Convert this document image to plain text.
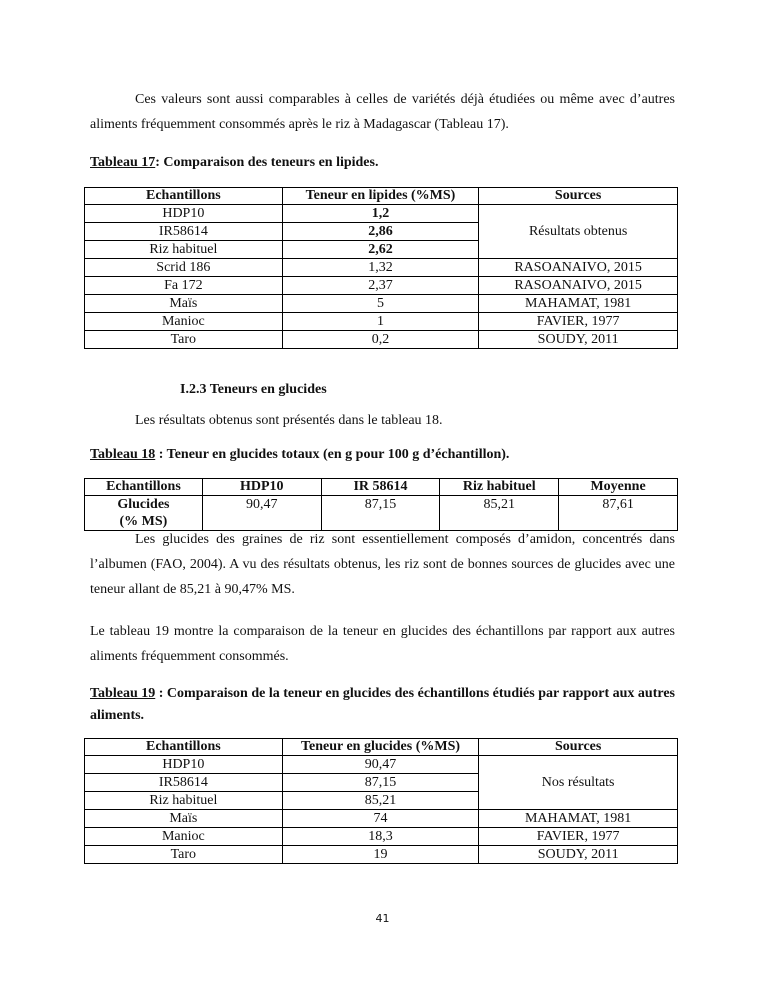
Ces valeurs sont aussi comparables à celles de variétés déjà étudiées ou même avec d’autres aliments fréquemment consommés après le riz à Madagascar (Tableau 17).
Tableau 17: Comparaison des teneurs en lipides.
Echantillons	Teneur en lipides (%MS)	Sources
HDP10	1,2	Résultats obtenus
IR58614	2,86	
Riz habituel	2,62	
Scrid 186	1,32	RASOANAIVO, 2015
Fa 172	2,37	RASOANAIVO, 2015
Maïs	5	MAHAMAT, 1981
Manioc	1	FAVIER, 1977
Taro	0,2	SOUDY, 2011
I.2.3 Teneurs en glucides
Les résultats obtenus sont présentés dans le tableau 18.
Tableau 18 : Teneur en glucides totaux (en g pour 100 g d’échantillon).
Echantillons	HDP10	IR 58614	Riz habituel	Moyenne

Glucides
(% MS)	90,47	87,15	85,21	87,61
Les glucides des graines de riz sont essentiellement composés d’amidon, concentrés dans l’albumen (FAO, 2004). A vu des résultats obtenus, les riz sont de bonnes sources de glucides avec une teneur allant de 85,21 à 90,47% MS.
Le tableau 19 montre la comparaison de la teneur en glucides des échantillons par rapport aux autres aliments fréquemment consommés.
Tableau 19 : Comparaison de la teneur en glucides des échantillons étudiés par rapport aux autres aliments.
Echantillons	Teneur en glucides (%MS)	Sources
HDP10	90,47	Nos résultats
IR58614	87,15	
Riz habituel	85,21	
Maïs	74	MAHAMAT, 1981
Manioc	18,3	FAVIER, 1977
Taro	19	SOUDY, 2011
41
